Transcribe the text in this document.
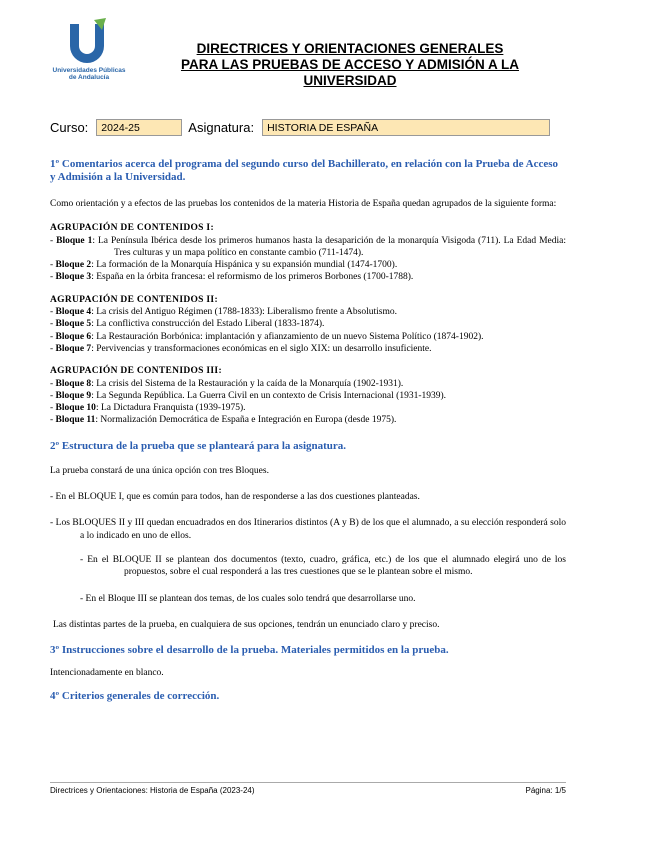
Universidades Públicas
de Andalucía
DIRECTRICES Y ORIENTACIONES GENERALES
PARA LAS PRUEBAS DE ACCESO Y ADMISIÓN A LA
UNIVERSIDAD
Curso:	2024-25	Asignatura:	HISTORIA DE ESPAÑA
1º Comentarios acerca del programa del segundo curso del Bachillerato, en relación con la Prueba de Acceso y Admisión a la Universidad.
Como orientación y a efectos de las pruebas los contenidos de la materia Historia de España quedan agrupados de la siguiente forma:
AGRUPACIÓN DE CONTENIDOS I:
- Bloque 1: La Península Ibérica desde los primeros humanos hasta la desaparición de la monarquía Visigoda (711). La Edad Media: Tres culturas y un mapa político en constante cambio (711-1474).
- Bloque 2: La formación de la Monarquía Hispánica y su expansión mundial (1474-1700).
- Bloque 3: España en la órbita francesa: el reformismo de los primeros Borbones (1700-1788).
AGRUPACIÓN DE CONTENIDOS II:
- Bloque 4: La crisis del Antiguo Régimen (1788-1833): Liberalismo frente a Absolutismo.
- Bloque 5: La conflictiva construcción del Estado Liberal (1833-1874).
- Bloque 6: La Restauración Borbónica: implantación y afianzamiento de un nuevo Sistema Político (1874-1902).
- Bloque 7: Pervivencias y transformaciones económicas en el siglo XIX: un desarrollo insuficiente.
AGRUPACIÓN DE CONTENIDOS III:
- Bloque 8: La crisis del Sistema de la Restauración y la caída de la Monarquía (1902-1931).
- Bloque 9: La Segunda República. La Guerra Civil en un contexto de Crisis Internacional (1931-1939).
- Bloque 10: La Dictadura Franquista (1939-1975).
- Bloque 11: Normalización Democrática de España e Integración en Europa (desde 1975).
2º Estructura de la prueba que se planteará para la asignatura.
La prueba constará de una única opción con tres Bloques.
- En el BLOQUE I, que es común para todos, han de responderse a las dos cuestiones planteadas.
- Los BLOQUES II y III quedan encuadrados en dos Itinerarios distintos (A y B) de los que el alumnado, a su elección responderá solo a lo indicado en uno de ellos.
- En el BLOQUE II se plantean dos documentos (texto, cuadro, gráfica, etc.) de los que el alumnado elegirá uno de los propuestos, sobre el cual responderá a las tres cuestiones que se le plantean sobre el mismo.
- En el Bloque III se plantean dos temas, de los cuales solo tendrá que desarrollarse uno.
Las distintas partes de la prueba, en cualquiera de sus opciones, tendrán un enunciado claro y preciso.
3º Instrucciones sobre el desarrollo de la prueba. Materiales permitidos en la prueba.
Intencionadamente en blanco.
4º Criterios generales de corrección.
Directrices y Orientaciones: Historia de España (2023-24)	Página: 1/5
